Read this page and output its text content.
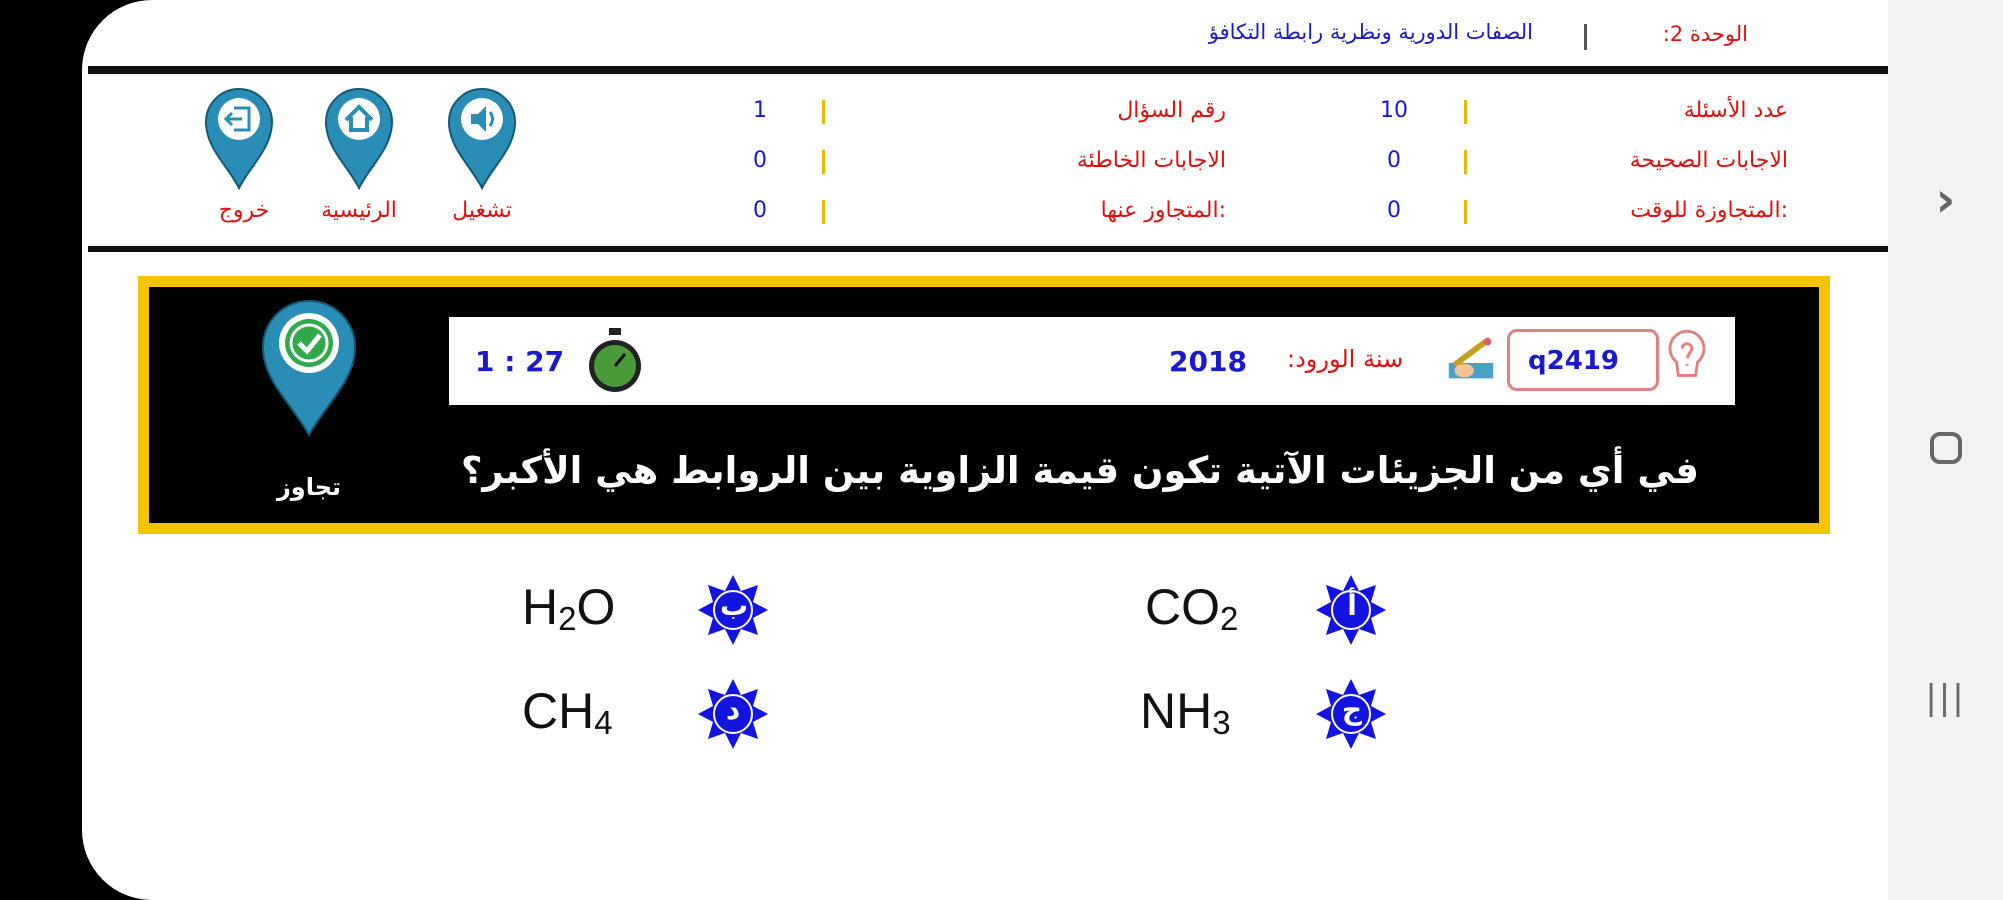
الوحدة 2:
الصفات الدورية ونظرية رابطة التكافؤ
عدد الأسئلة
الاجابات الصحيحة
المتجاوزة للوقت:
10
0
0
رقم السؤال
الاجابات الخاطئة
المتجاوز عنها:
1
0
0
تشغيل
الرئيسية
خروج
1 : 27	2018 سنة الورود:	q2419
في أي من الجزيئات الآتية تكون قيمة الزاوية بين الروابط هي الأكبر؟
تجاوز
أ
$CO_2$
ب
$H_2O$
ج
$NH_3$
د
$CH_4$
›
|||
